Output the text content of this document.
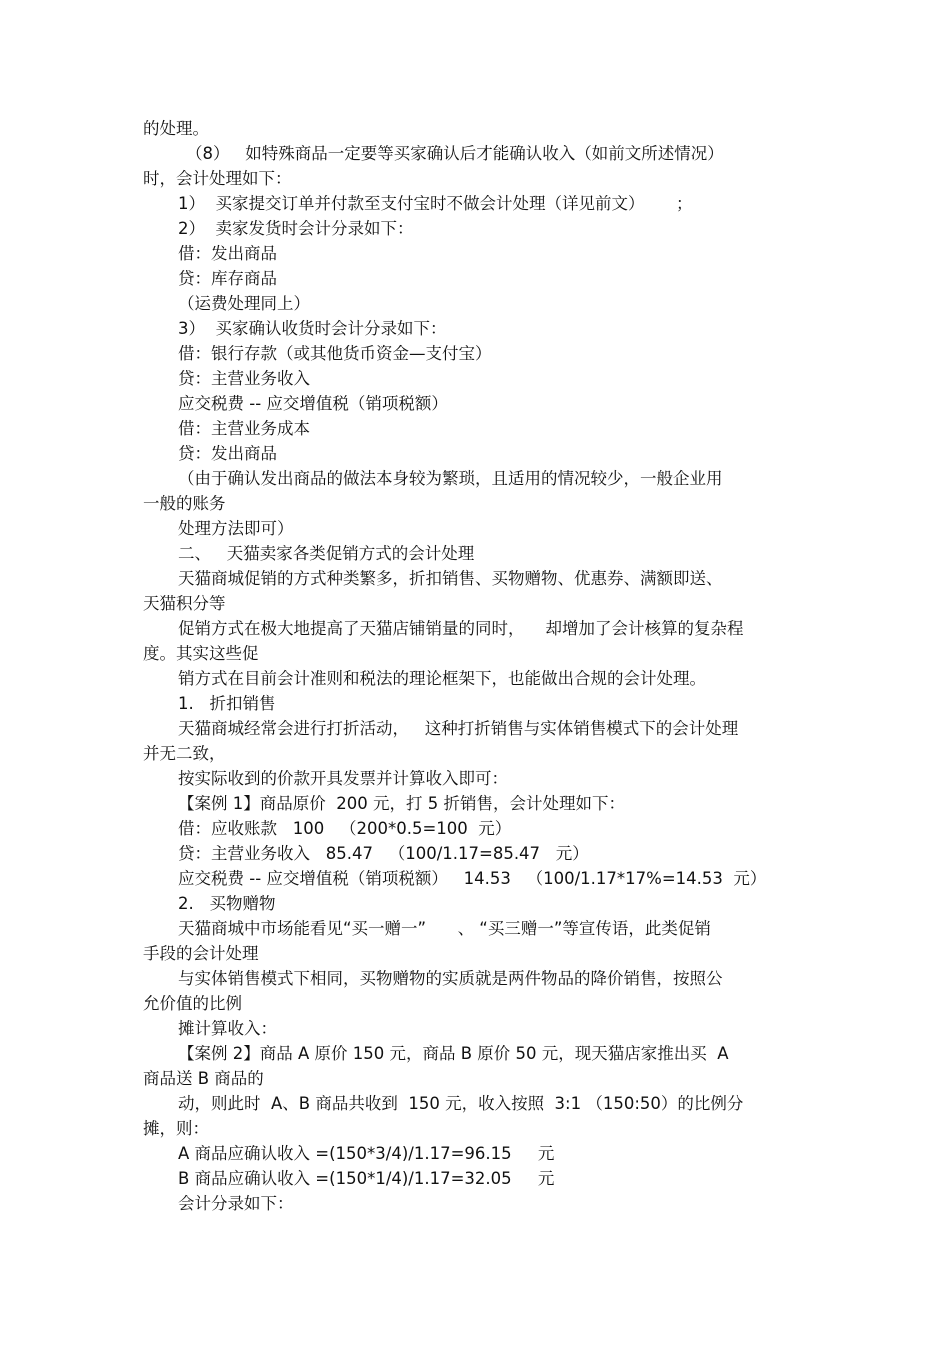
的处理。

（8）   如特殊商品一定要等买家确认后才能确认收入（如前文所述情况）

时，会计处理如下：

1）  买家提交订单并付款至支付宝时不做会计处理（详见前文）      ；

2）  卖家发货时会计分录如下：

借：发出商品

贷：库存商品

（运费处理同上）

3）  买家确认收货时会计分录如下：

借：银行存款（或其他货币资金—支付宝）

贷：主营业务收入

应交税费 -- 应交增值税（销项税额）

借：主营业务成本

贷：发出商品

（由于确认发出商品的做法本身较为繁琐，且适用的情况较少，一般企业用

一般的账务

处理方法即可）

二、   天猫卖家各类促销方式的会计处理

天猫商城促销的方式种类繁多，折扣销售、买物赠物、优惠券、满额即送、

天猫积分等

促销方式在极大地提高了天猫店铺销量的同时，    却增加了会计核算的复杂程

度。其实这些促

销方式在目前会计准则和税法的理论框架下，也能做出合规的会计处理。

1.   折扣销售

天猫商城经常会进行打折活动，   这种打折销售与实体销售模式下的会计处理

并无二致，

按实际收到的价款开具发票并计算收入即可：

【案例 1】商品原价  200 元，打 5 折销售，会计处理如下：

借：应收账款   100   （200*0.5=100  元）

贷：主营业务收入   85.47   （100/1.17=85.47   元）

应交税费 -- 应交增值税（销项税额）   14.53   （100/1.17*17%=14.53  元）

2.   买物赠物

天猫商城中市场能看见“买一赠一”      、 “买三赠一”等宣传语，此类促销

手段的会计处理

与实体销售模式下相同，买物赠物的实质就是两件物品的降价销售，按照公

允价值的比例

摊计算收入：

【案例 2】商品 A 原价 150 元，商品 B 原价 50 元，现天猫店家推出买  A

商品送 B 商品的

动，则此时  A、B 商品共收到  150 元，收入按照  3:1 （150:50）的比例分

摊，则：

A 商品应确认收入 =(150*3/4)/1.17=96.15     元

B 商品应确认收入 =(150*1/4)/1.17=32.05     元

会计分录如下：
